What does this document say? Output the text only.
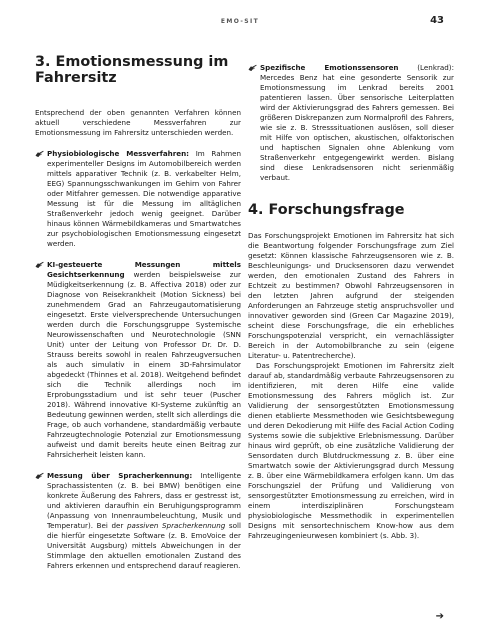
EMO-SIT	43
3. Emotionsmessung im Fahrersitz

Entsprechend der oben genannten Verfahren können aktuell verschiedene Messverfahren zur Emotionsmessung im Fahrersitz unterschieden werden.

Physiobiologische Messverfahren: Im Rahmen experimenteller Designs im Automobilbereich werden mittels apparativer Technik (z. B. verkabelter Helm, EEG) Spannungsschwankungen im Gehirn von Fahrer oder Mitfahrer gemessen. Die notwendige apparative Messung ist für die Messung im alltäglichen Straßenverkehr jedoch wenig geeignet. Darüber hinaus können Wärmebildkameras und Smartwatches zur psychobiologischen Emotionsmessung eingesetzt werden.

KI-gesteuerte Messungen mittels Gesichtserkennung werden beispielsweise zur Müdigkeitserkennung (z. B. Affectiva 2018) oder zur Diagnose von Reisekrankheit (Motion Sickness) bei zunehmendem Grad an Fahrzeugautomatisierung eingesetzt. Erste vielversprechende Untersuchungen werden durch die Forschungsgruppe Systemische Neurowissenschaften und Neurotechnologie (SNN Unit) unter der Leitung von Professor Dr. Dr. D. Strauss bereits sowohl in realen Fahrzeugversuchen als auch simulativ in einem 3D-Fahrsimulator abgedeckt (Thinnes et al. 2018). Weitgehend befindet sich die Technik allerdings noch im Erprobungsstadium und ist sehr teuer (Puscher 2018). Während innovative KI-Systeme zukünftig an Bedeutung gewinnen werden, stellt sich allerdings die Frage, ob auch vorhandene, standardmäßig verbaute Fahrzeugtechnologie Potenzial zur Emotionsmessung aufweist und damit bereits heute einen Beitrag zur Fahrsicherheit leisten kann.

Messung über Spracherkennung: Intelligente Sprachassistenten (z. B. bei BMW) benötigen eine konkrete Äußerung des Fahrers, dass er gestresst ist, und aktivieren daraufhin ein Beruhigungsprogramm (Anpassung von Innenraumbeleuchtung, Musik und Temperatur). Bei der passiven Spracherkennung soll die hierfür eingesetzte Software (z. B. EmoVoice der Universität Augsburg) mittels Abweichungen in der Stimmlage den aktuellen emotionalen Zustand des Fahrers erkennen und entsprechend darauf reagieren.

Spezifische Emotionssensoren (Lenkrad): Mercedes Benz hat eine gesonderte Sensorik zur Emotionsmessung im Lenkrad bereits 2001 patentieren lassen. Über sensorische Leiterplatten wird der Aktivierungsgrad des Fahrers gemessen. Bei größeren Diskrepanzen zum Normalprofil des Fahrers, wie sie z. B. Stresssituationen auslösen, soll dieser mit Hilfe von optischen, akustischen, olfaktorischen und haptischen Signalen ohne Ablenkung vom Straßenverkehr entgegengewirkt werden. Bislang sind diese Lenkradsensoren nicht serienmäßig verbaut.

4. Forschungsfrage

Das Forschungsprojekt Emotionen im Fahrersitz hat sich die Beantwortung folgender Forschungsfrage zum Ziel gesetzt: Können klassische Fahrzeugsensoren wie z. B. Beschleunigungs- und Drucksensoren dazu verwendet werden, den emotionalen Zustand des Fahrers in Echtzeit zu bestimmen? Obwohl Fahrzeugsensoren in den letzten Jahren aufgrund der steigenden Anforderungen an Fahrzeuge stetig anspruchsvoller und innovativer geworden sind (Green Car Magazine 2019), scheint diese Forschungsfrage, die ein erhebliches Forschungspotenzial verspricht, ein vernachlässigter Bereich in der Automobilbranche zu sein (eigene Literatur- u. Patentrecherche).

Das Forschungsprojekt Emotionen im Fahrersitz zielt darauf ab, standardmäßig verbaute Fahrzeugsensoren zu identifizieren, mit deren Hilfe eine valide Emotionsmessung des Fahrers möglich ist. Zur Validierung der sensorgestützten Emotionsmessung dienen etablierte Messmethoden wie Gesichtsbewegung und deren Dekodierung mit Hilfe des Facial Action Coding Systems sowie die subjektive Erlebnismessung. Darüber hinaus wird geprüft, ob eine zusätzliche Validierung der Sensordaten durch Blutdruckmessung z. B. über eine Smartwatch sowie der Aktivierungsgrad durch Messung z. B. über eine Wärmebildkamera erfolgen kann. Um das Forschungsziel der Prüfung und Validierung von sensorgestützter Emotionsmessung zu erreichen, wird in einem interdisziplinären Forschungsteam physiobiologische Messmethodik in experimentellen Designs mit sensortechnischem Know-how aus dem Fahrzeugingenieurwesen kombiniert (s. Abb. 3).

➔
